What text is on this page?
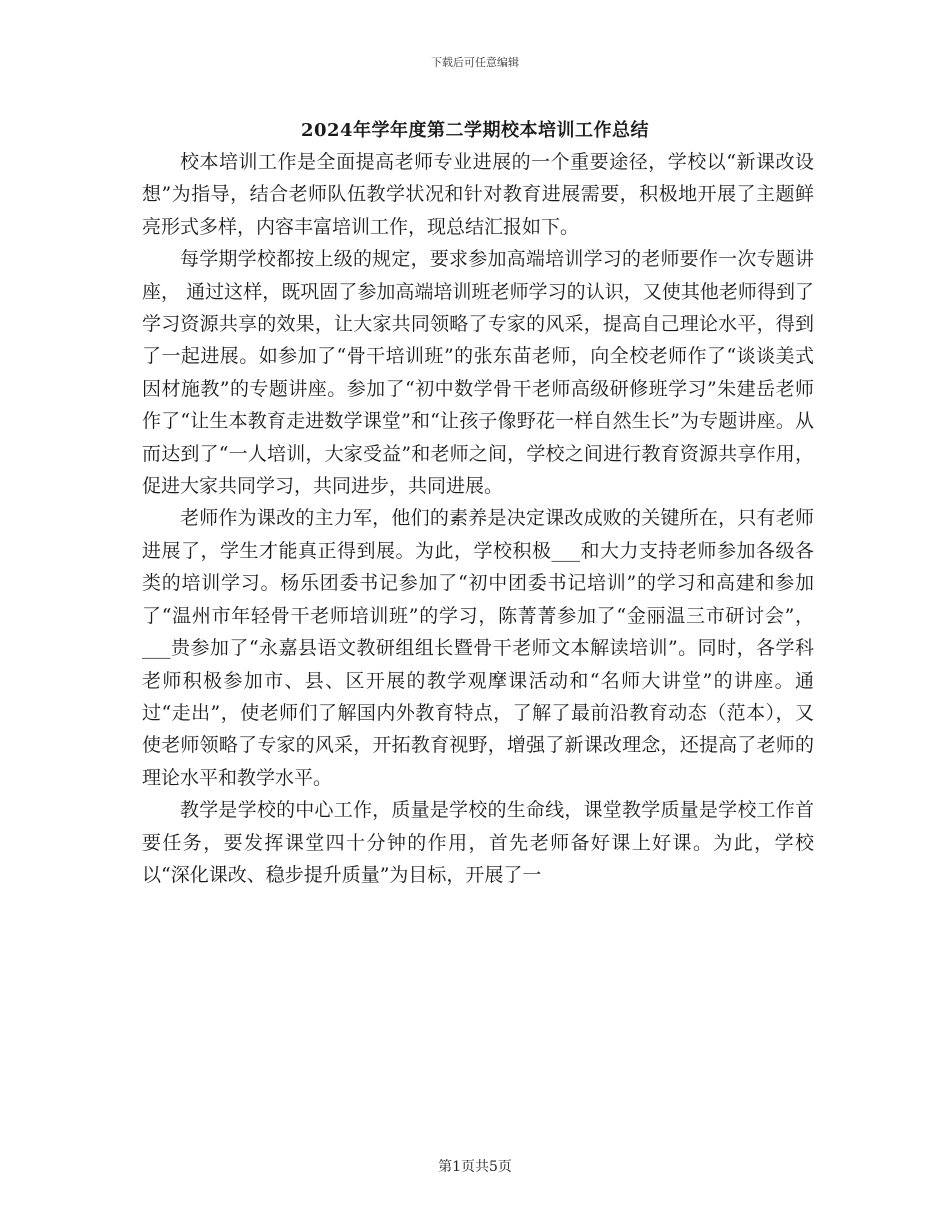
下载后可任意编辑
2024年学年度第二学期校本培训工作总结

校本培训工作是全面提高老师专业进展的一个重要途径，学校以“新课改设想”为指导，结合老师队伍教学状况和针对教育进展需要，积极地开展了主题鲜亮形式多样，内容丰富培训工作，现总结汇报如下。

每学期学校都按上级的规定，要求参加高端培训学习的老师要作一次专题讲座， 通过这样，既巩固了参加高端培训班老师学习的认识，又使其他老师得到了学习资源共享的效果，让大家共同领略了专家的风采，提高自己理论水平，得到了一起进展。如参加了“骨干培训班”的张东苗老师，向全校老师作了“谈谈美式因材施教”的专题讲座。参加了“初中数学骨干老师高级研修班学习”朱建岳老师作了“让生本教育走进数学课堂”和“让孩子像野花一样自然生长”为专题讲座。从而达到了“一人培训，大家受益”和老师之间，学校之间进行教育资源共享作用，促进大家共同学习，共同进步，共同进展。

老师作为课改的主力军，他们的素养是决定课改成败的关键所在，只有老师进展了，学生才能真正得到展。为此，学校积极___和大力支持老师参加各级各类的培训学习。杨乐团委书记参加了“初中团委书记培训”的学习和高建和参加了“温州市年轻骨干老师培训班”的学习，陈菁菁参加了“金丽温三市研讨会”，___贵参加了“永嘉县语文教研组组长暨骨干老师文本解读培训”。同时，各学科老师积极参加市、县、区开展的教学观摩课活动和“名师大讲堂”的讲座。通过“走出”，使老师们了解国内外教育特点，了解了最前沿教育动态（范本），又使老师领略了专家的风采，开拓教育视野，增强了新课改理念，还提高了老师的理论水平和教学水平。

教学是学校的中心工作，质量是学校的生命线，课堂教学质量是学校工作首要任务，要发挥课堂四十分钟的作用，首先老师备好课上好课。为此，学校以“深化课改、稳步提升质量”为目标，开展了一

第1页共5页
